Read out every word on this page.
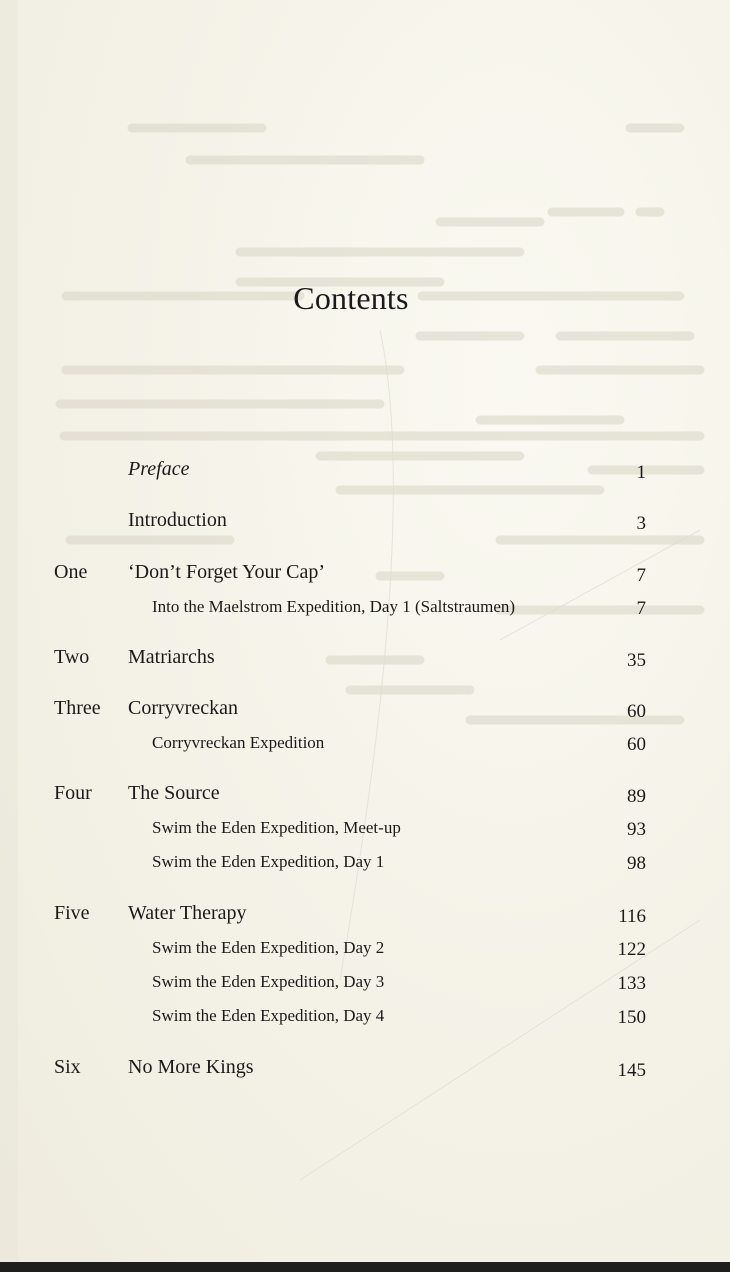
Contents
Preface	1
Introduction	3
One ‘Don’t Forget Your Cap’	7
Into the Maelstrom Expedition, Day 1 (Saltstraumen)	7
Two Matriarchs	35
Three Corryvreckan	60
Corryvreckan Expedition	60
Four The Source	89
Swim the Eden Expedition, Meet-up	93
Swim the Eden Expedition, Day 1	98
Five Water Therapy	116
Swim the Eden Expedition, Day 2	122
Swim the Eden Expedition, Day 3	133
Swim the Eden Expedition, Day 4	150
Six No More Kings	145
